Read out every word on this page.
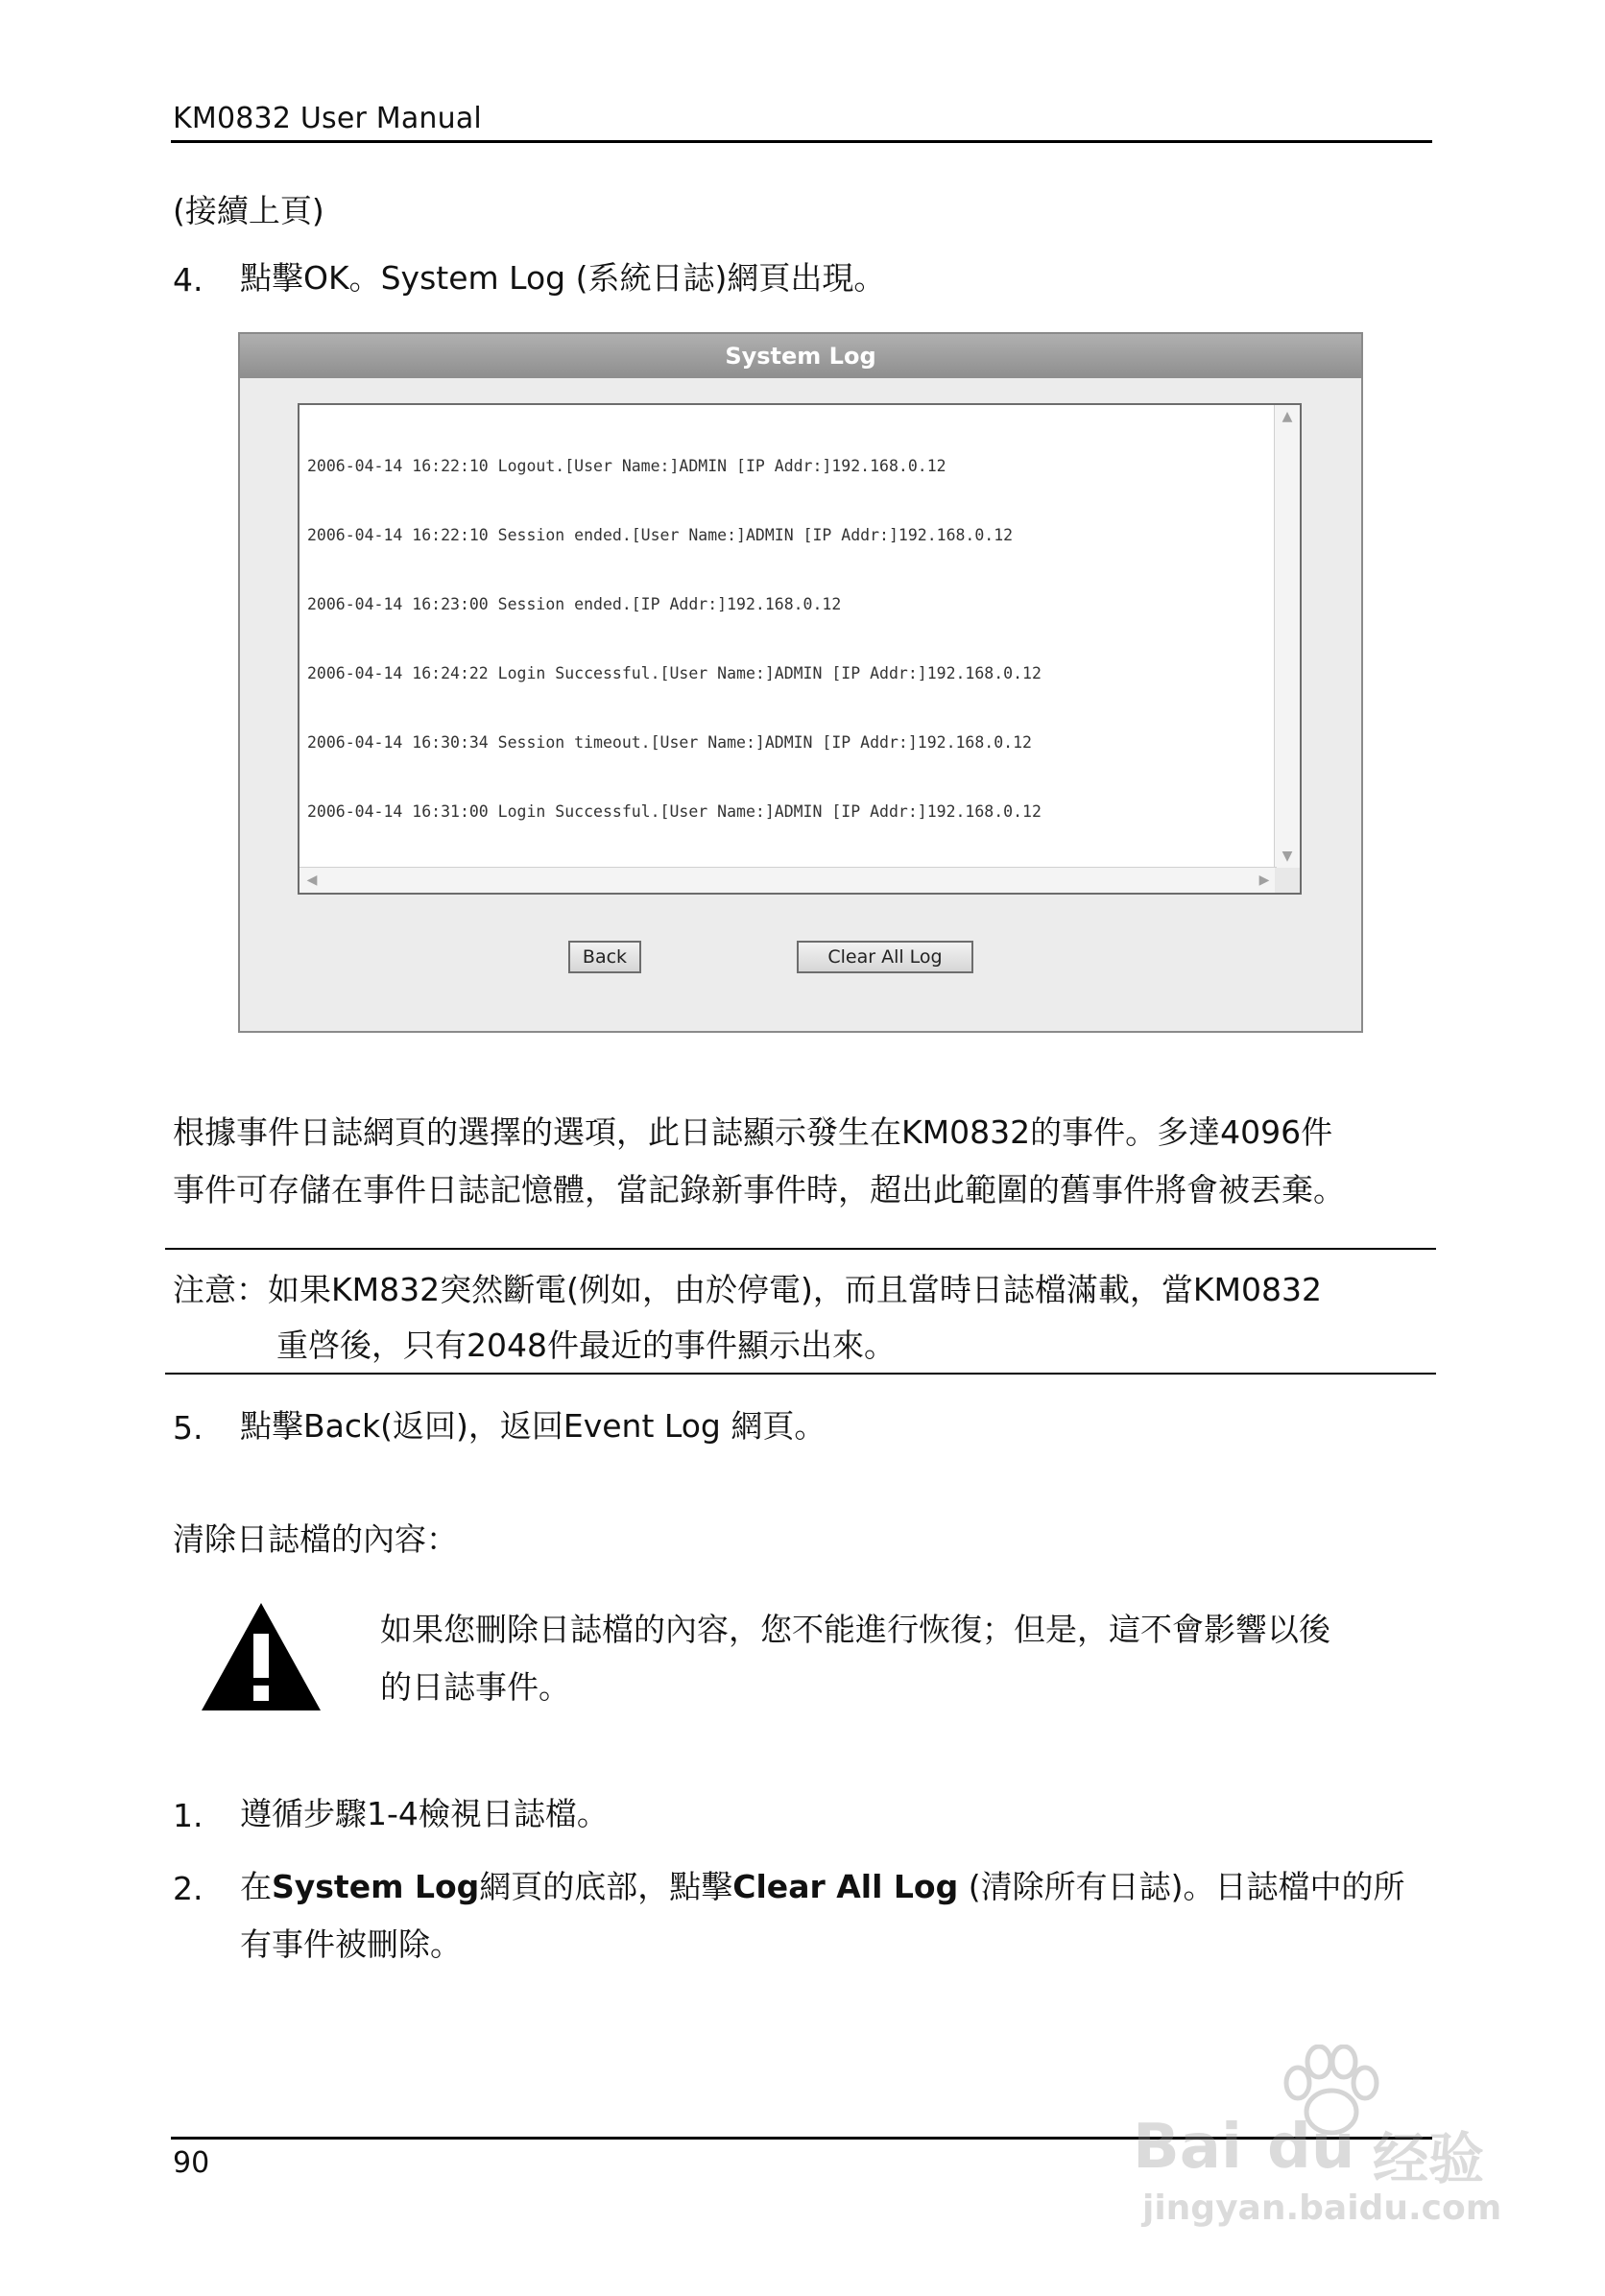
KM0832 User Manual
(接續上頁)
4. 點擊OK。System Log (系統日誌)網頁出現。
System Log

2006-04-14 16:22:10 Logout.[User Name:]ADMIN [IP Addr:]192.168.0.12

2006-04-14 16:22:10 Session ended.[User Name:]ADMIN [IP Addr:]192.168.0.12

2006-04-14 16:23:00 Session ended.[IP Addr:]192.168.0.12

2006-04-14 16:24:22 Login Successful.[User Name:]ADMIN [IP Addr:]192.168.0.12

2006-04-14 16:30:34 Session timeout.[User Name:]ADMIN [IP Addr:]192.168.0.12

2006-04-14 16:31:00 Login Successful.[User Name:]ADMIN [IP Addr:]192.168.0.12

▲
▼
◀	▶
Back	Clear All Log
根據事件日誌網頁的選擇的選項，此日誌顯示發生在KM0832的事件。多達4096件
事件可存儲在事件日誌記憶體，當記錄新事件時，超出此範圍的舊事件將會被丟棄。
注意：如果KM832突然斷電(例如，由於停電)，而且當時日誌檔滿載，當KM0832
重啓後，只有2048件最近的事件顯示出來。
5. 點擊Back(返回)，返回Event Log 網頁。
清除日誌檔的內容：
如果您刪除日誌檔的內容，您不能進行恢復；但是，這不會影響以後
的日誌事件。
1. 遵循步驟1-4檢視日誌檔。
2. 在System Log網頁的底部，點擊Clear All Log (清除所有日誌)。日誌檔中的所
有事件被刪除。
90	Bai du 经验
jingyan.baidu.com
